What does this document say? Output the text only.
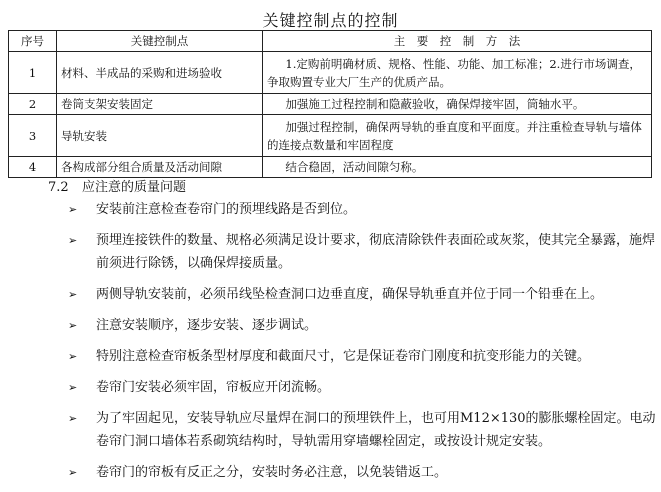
关键控制点的控制
序号	关键控制点	主　要　控　制　方　法
1	材料、半成品的采购和进场验收	1.定购前明确材质、规格、性能、功能、加工标准；2.进行市场调查，争取购置专业大厂生产的优质产品。
2	卷筒支架安装固定	加强施工过程控制和隐蔽验收，确保焊接牢固，筒轴水平。
3	导轨安装	加强过程控制，确保两导轨的垂直度和平面度。并注重检查导轨与墙体的连接点数量和牢固程度
4	各构成部分组合质量及活动间隙	结合稳固，活动间隙匀称。
7.2 应注意的质量问题
➢ 安装前注意检查卷帘门的预埋线路是否到位。
➢ 预埋连接铁件的数量、规格必须满足设计要求，彻底清除铁件表面砼或灰浆，使其完全暴露，施焊前须进行除锈，以确保焊接质量。
➢ 两侧导轨安装前，必须吊线坠检查洞口边垂直度，确保导轨垂直并位于同一个铅垂在上。
➢ 注意安装顺序，逐步安装、逐步调试。
➢ 特别注意检查帘板条型材厚度和截面尺寸，它是保证卷帘门刚度和抗变形能力的关键。
➢ 卷帘门安装必须牢固，帘板应开闭流畅。
➢ 为了牢固起见，安装导轨应尽量焊在洞口的预埋铁件上，也可用M12×130的膨胀螺栓固定。电动卷帘门洞口墙体若系砌筑结构时，导轨需用穿墙螺栓固定，或按设计规定安装。
➢ 卷帘门的帘板有反正之分，安装时务必注意，以免装错返工。
